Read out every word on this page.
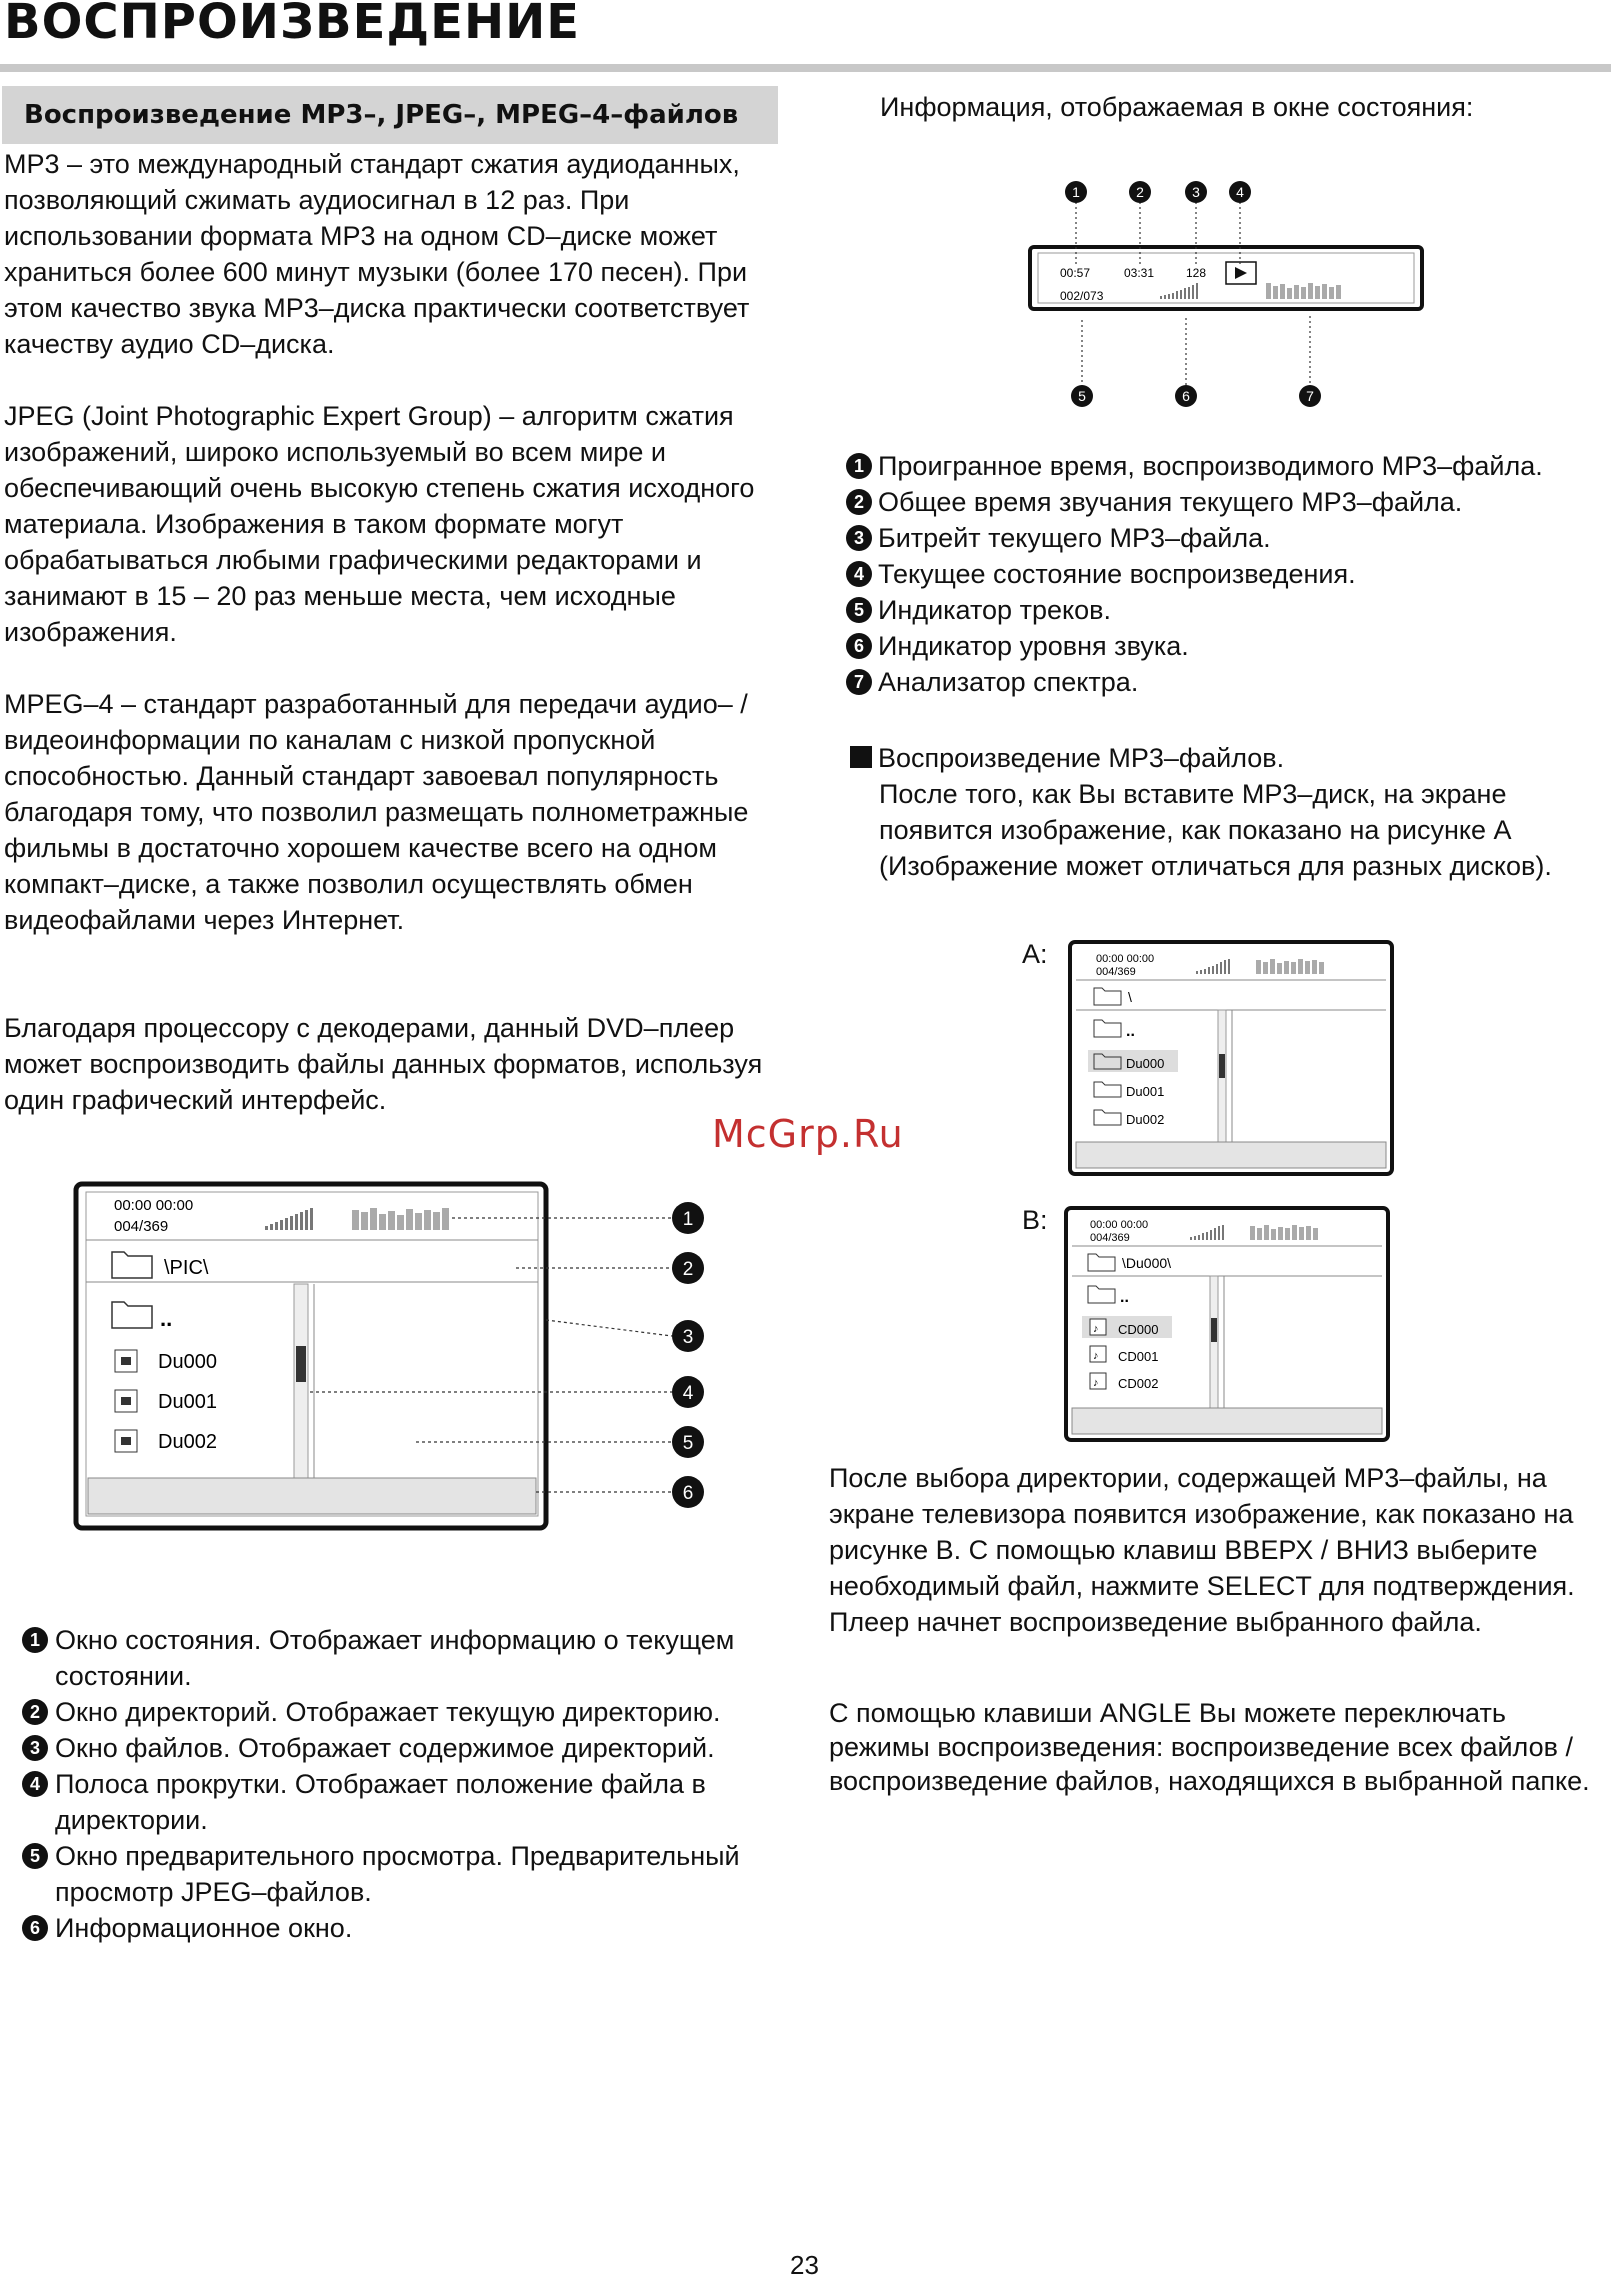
ВОСПРОИЗВЕДЕНИЕ
Воспроизведение MP3–, JPEG–, MPEG–4–файлов

MP3 – это международный стандарт сжатия аудиоданных, позволяющий сжимать аудиосигнал в 12 раз. При использовании формата MP3 на одном CD–диске может храниться более 600 минут музыки (более 170 песен). При этом качество звука MP3–диска практически соответствует качеству аудио CD–диска.

JPEG (Joint Photographic Expert Group) – алгоритм сжатия изображений, широко используемый во всем мире и обеспечивающий очень высокую степень сжатия исходного материала. Изображения в таком формате могут обрабатываться любыми графическими редакторами и занимают в 15 – 20 раз меньше места, чем исходные изображения.

MPEG–4 – стандарт разработанный для передачи аудио– / видеоинформации по каналам с низкой пропускной способностью. Данный стандарт завоевал популярность благодаря тому, что позволил размещать полнометражные фильмы в достаточно хорошем качестве всего на одном компакт–диске, а также позволил осуществлять обмен видеофайлами через Интернет.

Благодаря процессору с декодерами, данный DVD–плеер может воспроизводить файлы данных форматов, используя один графический интерфейс.

00:00 00:00
004/369
\PIC\
..
Du000
Du001
Du002
1
2
3
4
5
6
1 Окно состояния. Отображает информацию о текущем состоянии.
2 Окно директорий. Отображает текущую директорию.
3 Окно файлов. Отображает содержимое директорий.
4 Полоса прокрутки. Отображает положение файла в директории.
5 Окно предварительного просмотра. Предварительный просмотр JPEG–файлов.
6 Информационное окно.
Информация, отображаемая в окне состояния:
00:57	03:31	128
002/073
1	2	3	4
5	6	7
1 Проигранное время, воспроизводимого MP3–файла.
2 Общее время звучания текущего MP3–файла.
3 Битрейт текущего MP3–файла.
4 Текущее состояние воспроизведения.
5 Индикатор треков.
6 Индикатор уровня звука.
7 Анализатор спектра.
Воспроизведение MP3–файлов.

После того, как Вы вставите MP3–диск, на экране появится изображение, как показано на рисунке А (Изображение может отличаться для разных дисков).

A:	00:00 00:00
004/369
\
..
Du000
Du001
Du002
B:	00:00 00:00
004/369
\Du000\
..
♪ CD000
♪ CD001
♪ CD002

После выбора директории, содержащей MP3–файлы, на экране телевизора появится изображение, как показано на рисунке В. С помощью клавиш ВВЕРХ / ВНИЗ выберите необходимый файл, нажмите SELECT для подтверждения. Плеер начнет воспроизведение выбранного файла.

С помощью клавиши ANGLE Вы можете переключать режимы воспроизведения: воспроизведение всех файлов / воспроизведение файлов, находящихся в выбранной папке.

McGrp.Ru
23
